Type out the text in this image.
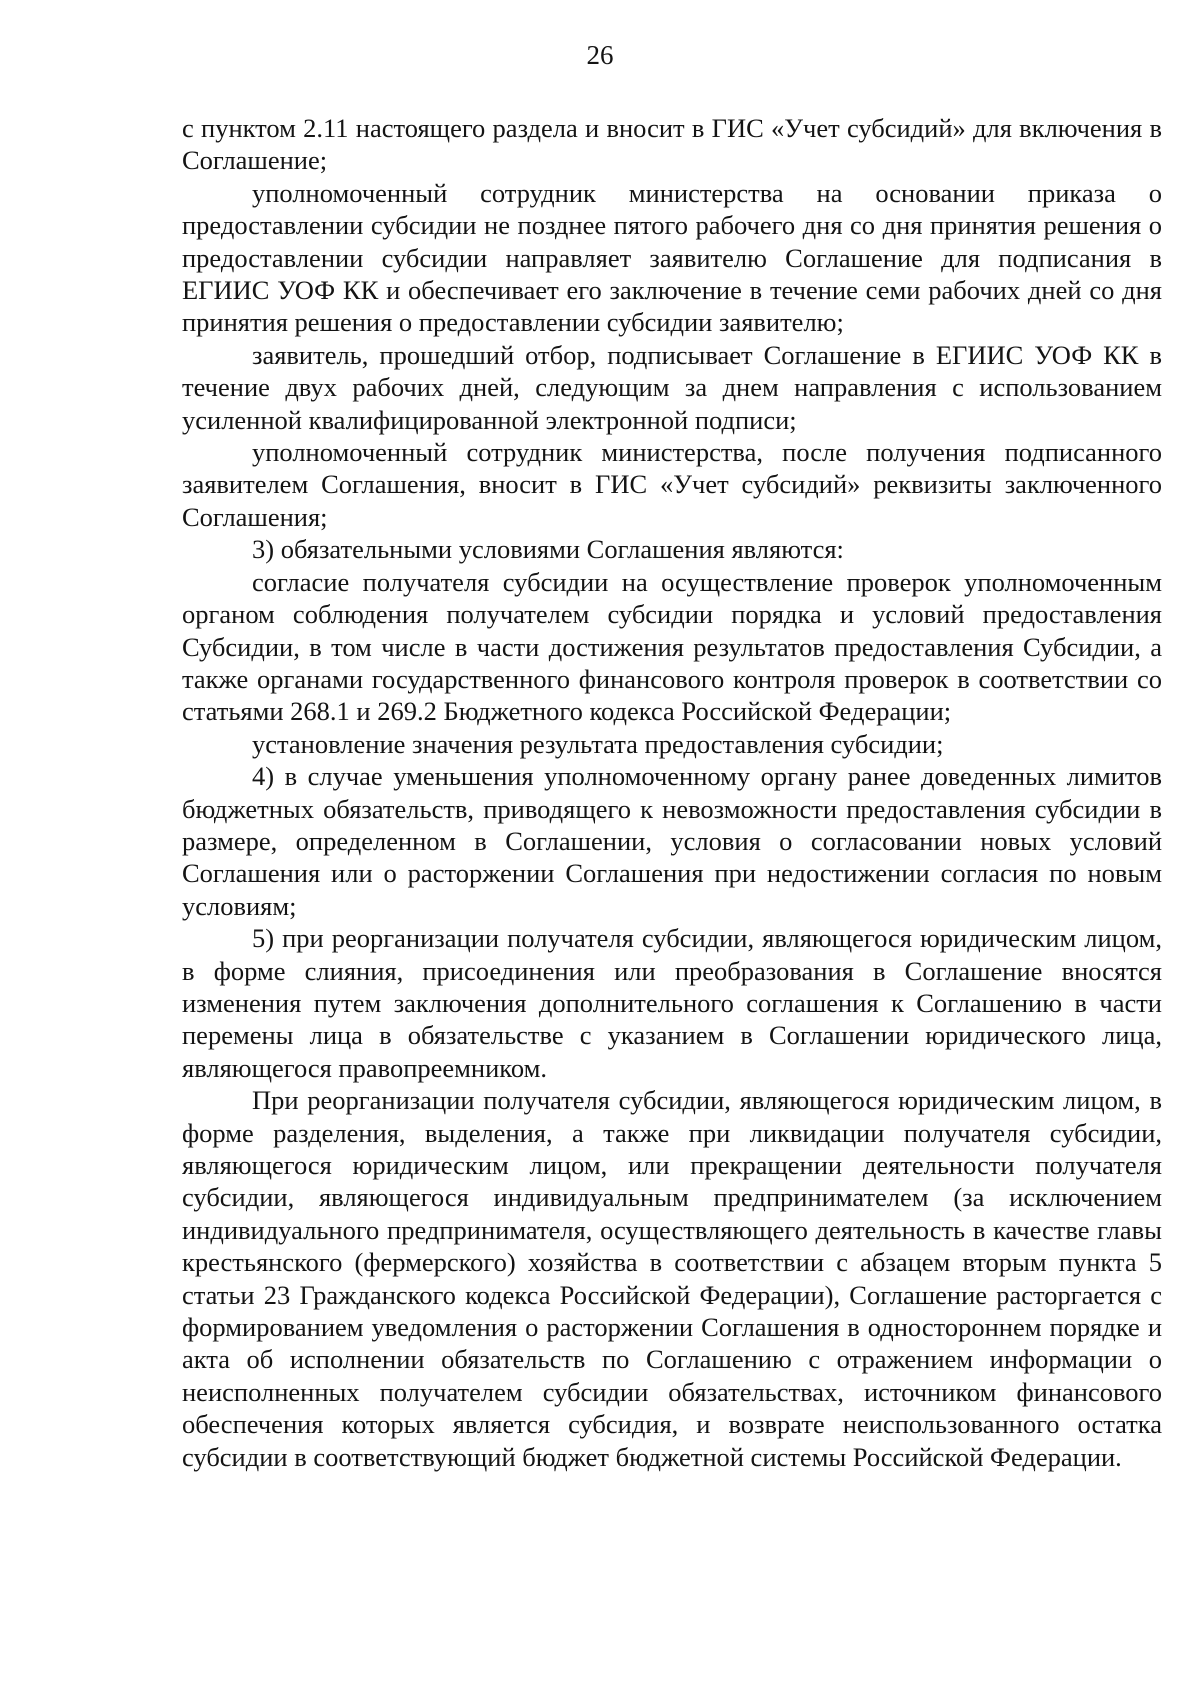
26

с пунктом 2.11 настоящего раздела и вносит в ГИС «Учет субсидий» для включения в Соглашение;

уполномоченный сотрудник министерства на основании приказа о предоставлении субсидии не позднее пятого рабочего дня со дня принятия решения о предоставлении субсидии направляет заявителю Соглашение для подписания в ЕГИИС УОФ КК и обеспечивает его заключение в течение семи рабочих дней со дня принятия решения о предоставлении субсидии заявителю;

заявитель, прошедший отбор, подписывает Соглашение в ЕГИИС УОФ КК в течение двух рабочих дней, следующим за днем направления с использованием усиленной квалифицированной электронной подписи;

уполномоченный сотрудник министерства, после получения подписанного заявителем Соглашения, вносит в ГИС «Учет субсидий» реквизиты заключенного Соглашения;

3) обязательными условиями Соглашения являются:

согласие получателя субсидии на осуществление проверок уполномоченным органом соблюдения получателем субсидии порядка и условий предоставления Субсидии, в том числе в части достижения результатов предоставления Субсидии, а также органами государственного финансового контроля проверок в соответствии со статьями 268.1 и 269.2 Бюджетного кодекса Российской Федерации;

установление значения результата предоставления субсидии;

4) в случае уменьшения уполномоченному органу ранее доведенных лимитов бюджетных обязательств, приводящего к невозможности предоставления субсидии в размере, определенном в Соглашении, условия о согласовании новых условий Соглашения или о расторжении Соглашения при недостижении согласия по новым условиям;

5) при реорганизации получателя субсидии, являющегося юридическим лицом, в форме слияния, присоединения или преобразования в Соглашение вносятся изменения путем заключения дополнительного соглашения к Соглашению в части перемены лица в обязательстве с указанием в Соглашении юридического лица, являющегося правопреемником.

При реорганизации получателя субсидии, являющегося юридическим лицом, в форме разделения, выделения, а также при ликвидации получателя субсидии, являющегося юридическим лицом, или прекращении деятельности получателя субсидии, являющегося индивидуальным предпринимателем (за исключением индивидуального предпринимателя, осуществляющего деятельность в качестве главы крестьянского (фермерского) хозяйства в соответствии с абзацем вторым пункта 5 статьи 23 Гражданского кодекса Российской Федерации), Соглашение расторгается с формированием уведомления о расторжении Соглашения в одностороннем порядке и акта об исполнении обязательств по Соглашению с отражением информации о неисполненных получателем субсидии обязательствах, источником финансового обеспечения которых является субсидия, и возврате неиспользованного остатка субсидии в соответствующий бюджет бюджетной системы Российской Федерации.
